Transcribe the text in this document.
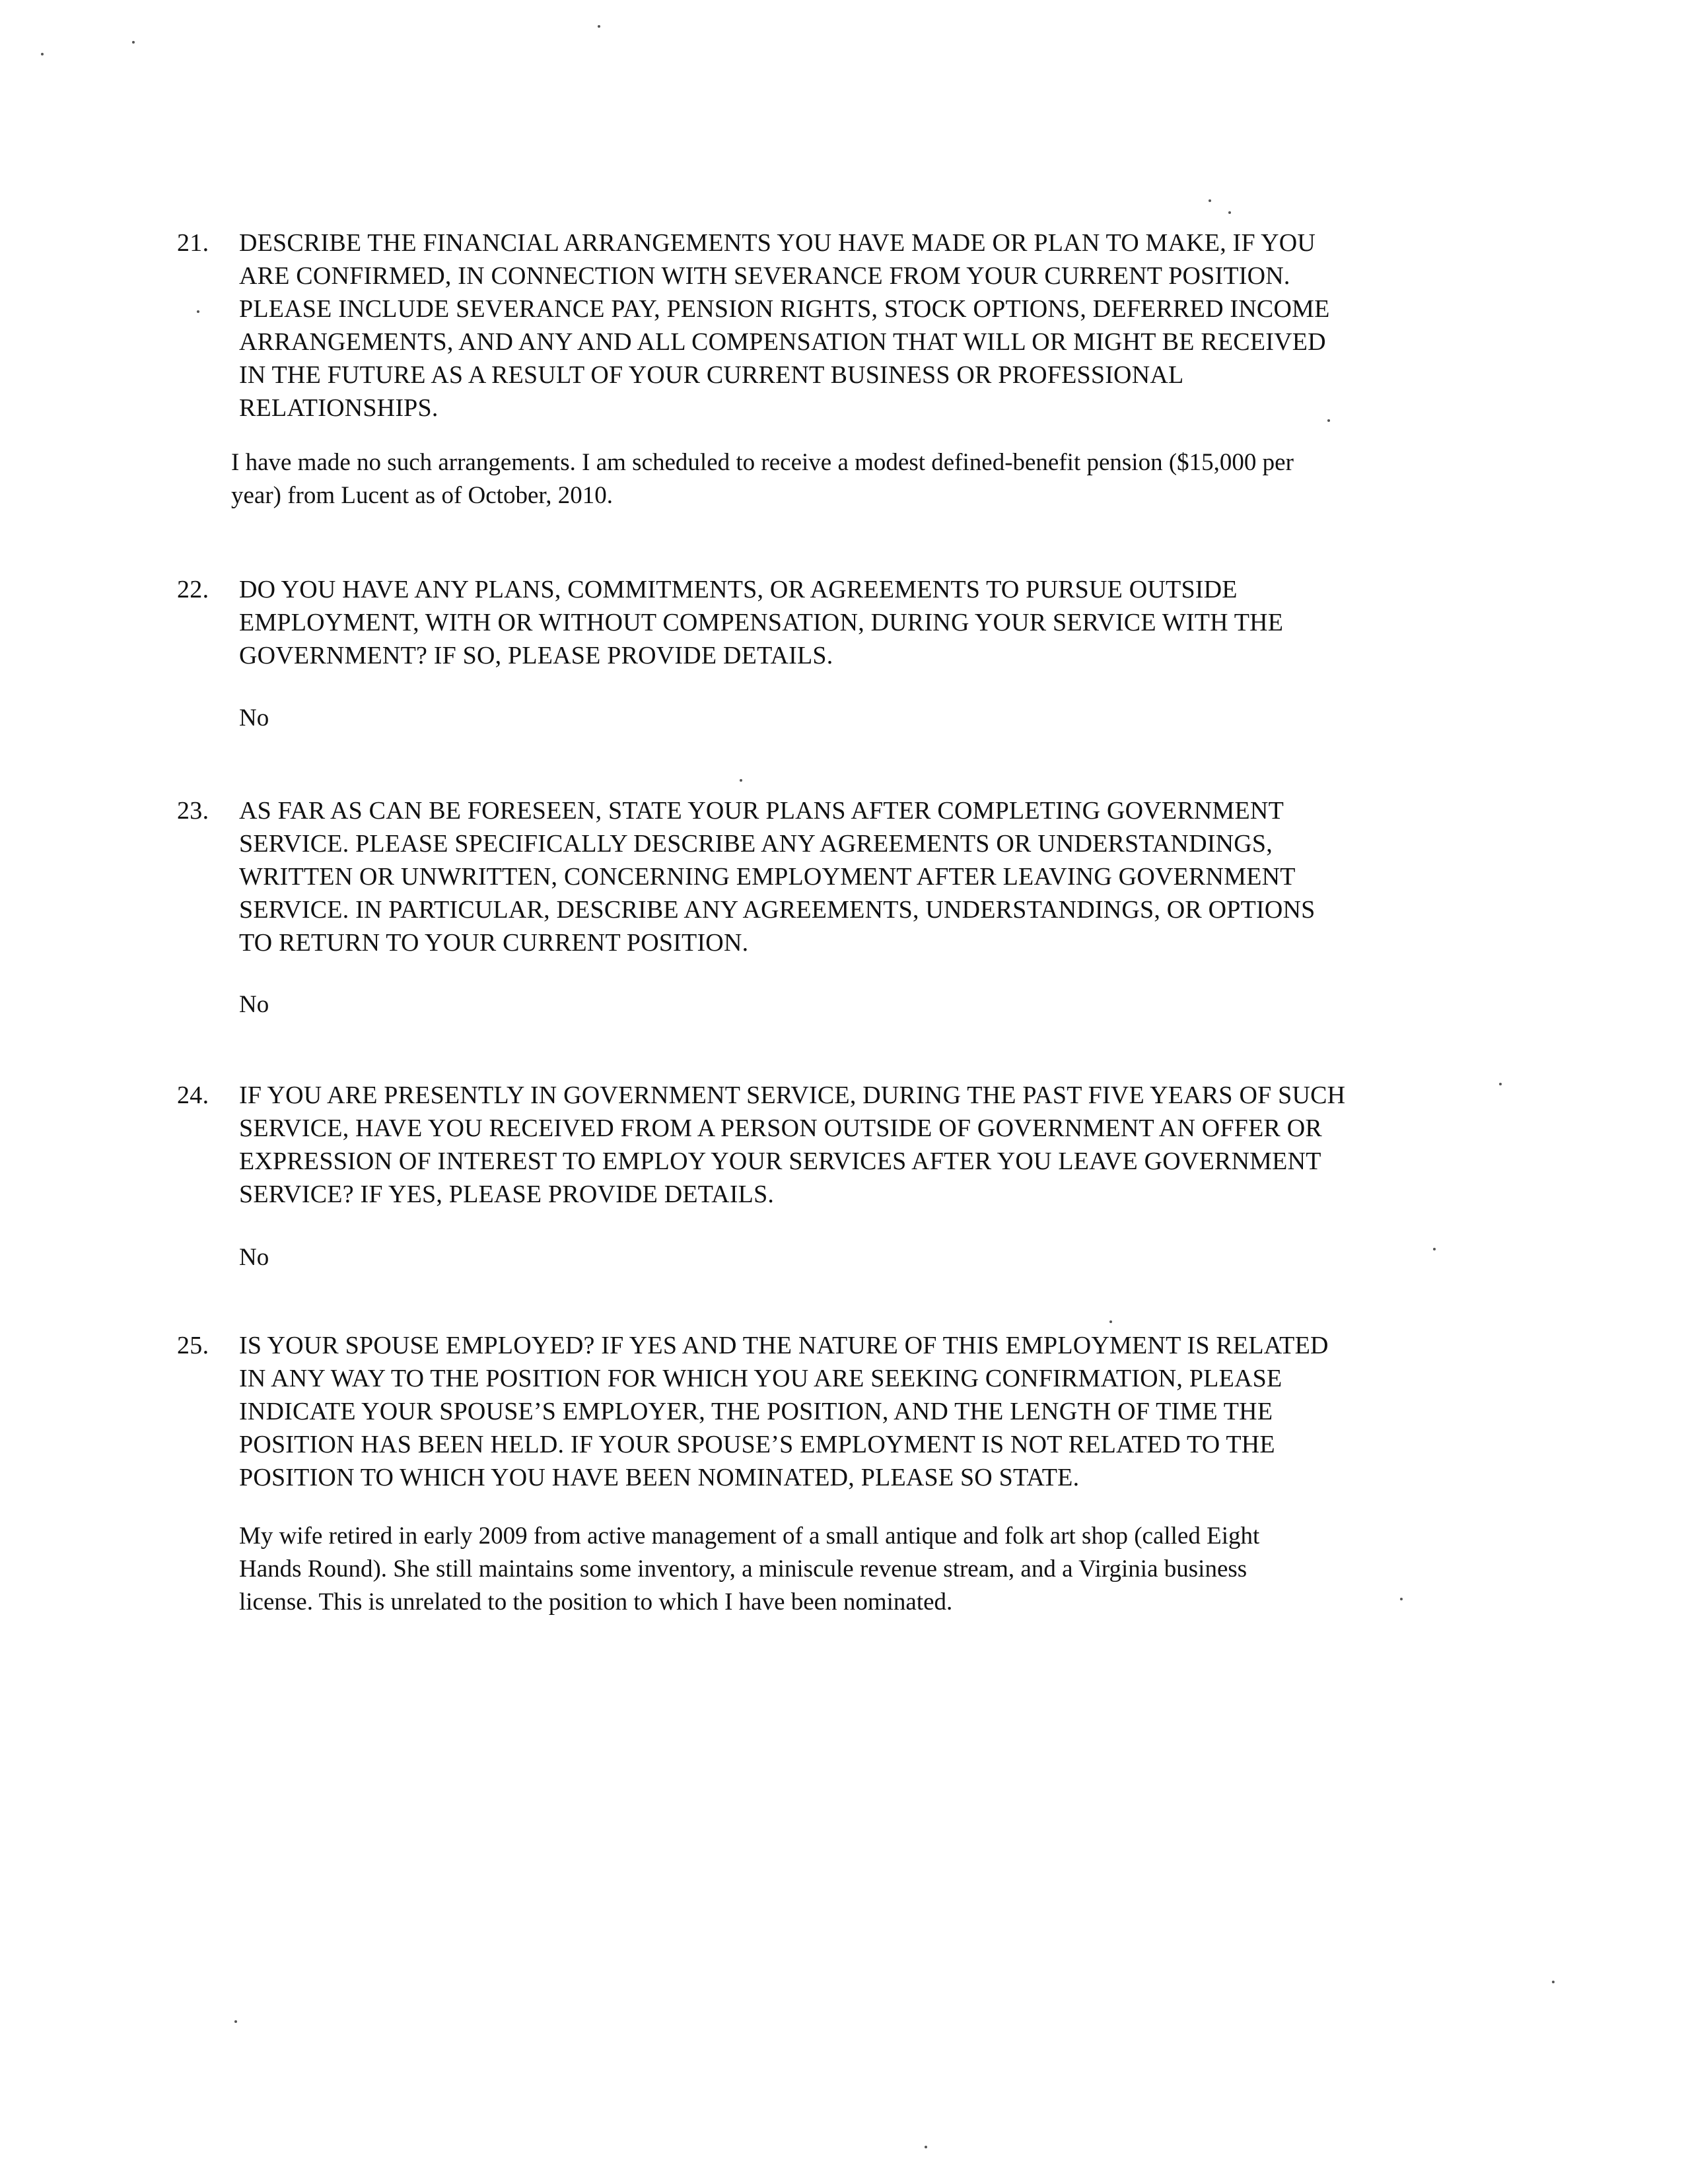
21. DESCRIBE THE FINANCIAL ARRANGEMENTS YOU HAVE MADE OR PLAN TO MAKE, IF YOU
ARE CONFIRMED, IN CONNECTION WITH SEVERANCE FROM YOUR CURRENT POSITION.
PLEASE INCLUDE SEVERANCE PAY, PENSION RIGHTS, STOCK OPTIONS, DEFERRED INCOME
ARRANGEMENTS, AND ANY AND ALL COMPENSATION THAT WILL OR MIGHT BE RECEIVED
IN THE FUTURE AS A RESULT OF YOUR CURRENT BUSINESS OR PROFESSIONAL
RELATIONSHIPS.
I have made no such arrangements. I am scheduled to receive a modest defined-benefit pension ($15,000 per
year) from Lucent as of October, 2010.
22. DO YOU HAVE ANY PLANS, COMMITMENTS, OR AGREEMENTS TO PURSUE OUTSIDE
EMPLOYMENT, WITH OR WITHOUT COMPENSATION, DURING YOUR SERVICE WITH THE
GOVERNMENT? IF SO, PLEASE PROVIDE DETAILS.
No
23. AS FAR AS CAN BE FORESEEN, STATE YOUR PLANS AFTER COMPLETING GOVERNMENT
SERVICE. PLEASE SPECIFICALLY DESCRIBE ANY AGREEMENTS OR UNDERSTANDINGS,
WRITTEN OR UNWRITTEN, CONCERNING EMPLOYMENT AFTER LEAVING GOVERNMENT
SERVICE. IN PARTICULAR, DESCRIBE ANY AGREEMENTS, UNDERSTANDINGS, OR OPTIONS
TO RETURN TO YOUR CURRENT POSITION.
No
24. IF YOU ARE PRESENTLY IN GOVERNMENT SERVICE, DURING THE PAST FIVE YEARS OF SUCH
SERVICE, HAVE YOU RECEIVED FROM A PERSON OUTSIDE OF GOVERNMENT AN OFFER OR
EXPRESSION OF INTEREST TO EMPLOY YOUR SERVICES AFTER YOU LEAVE GOVERNMENT
SERVICE? IF YES, PLEASE PROVIDE DETAILS.
No
25. IS YOUR SPOUSE EMPLOYED? IF YES AND THE NATURE OF THIS EMPLOYMENT IS RELATED
IN ANY WAY TO THE POSITION FOR WHICH YOU ARE SEEKING CONFIRMATION, PLEASE
INDICATE YOUR SPOUSE’S EMPLOYER, THE POSITION, AND THE LENGTH OF TIME THE
POSITION HAS BEEN HELD. IF YOUR SPOUSE’S EMPLOYMENT IS NOT RELATED TO THE
POSITION TO WHICH YOU HAVE BEEN NOMINATED, PLEASE SO STATE.
My wife retired in early 2009 from active management of a small antique and folk art shop (called Eight
Hands Round). She still maintains some inventory, a miniscule revenue stream, and a Virginia business
license. This is unrelated to the position to which I have been nominated.
